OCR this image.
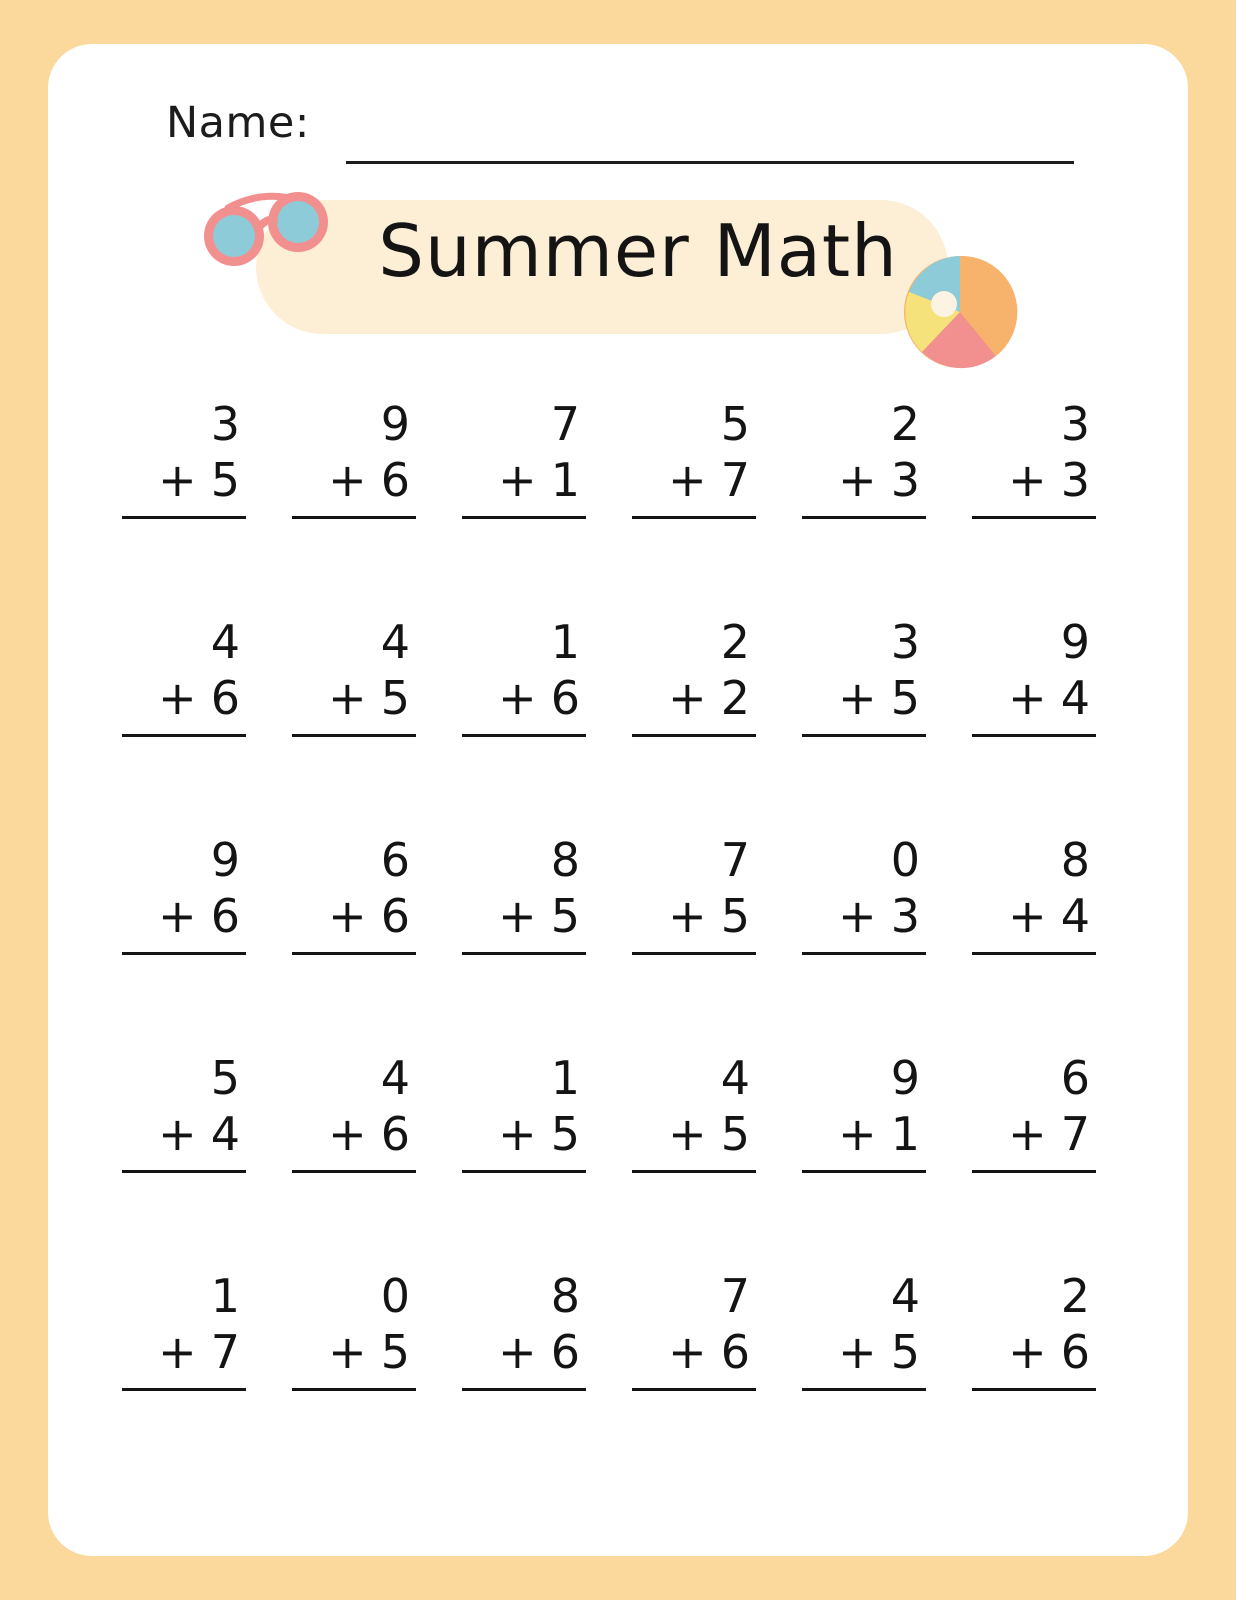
Name:
Summer Math
3
+ 5
9
+ 6
7
+ 1
5
+ 7
2
+ 3
3
+ 3
4
+ 6
4
+ 5
1
+ 6
2
+ 2
3
+ 5
9
+ 4
9
+ 6
6
+ 6
8
+ 5
7
+ 5
0
+ 3
8
+ 4
5
+ 4
4
+ 6
1
+ 5
4
+ 5
9
+ 1
6
+ 7
1
+ 7
0
+ 5
8
+ 6
7
+ 6
4
+ 5
2
+ 6
